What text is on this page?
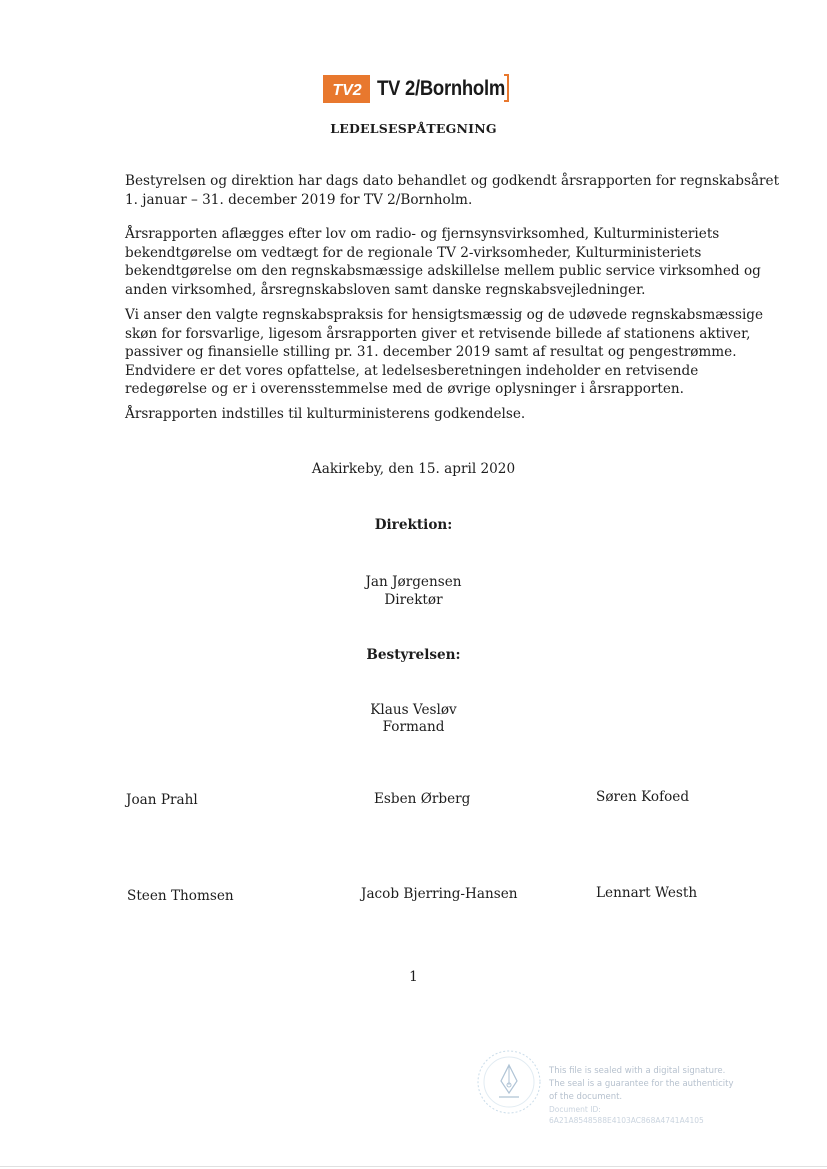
TV2 TV 2/Bornholm
LEDELSESPÅTEGNING
Bestyrelsen og direktion har dags dato behandlet og godkendt årsrapporten for regnskabsåret
1. januar – 31. december 2019 for TV 2/Bornholm.
Årsrapporten aflægges efter lov om radio- og fjernsynsvirksomhed, Kulturministeriets
bekendtgørelse om vedtægt for de regionale TV 2-virksomheder, Kulturministeriets
bekendtgørelse om den regnskabsmæssige adskillelse mellem public service virksomhed og
anden virksomhed, årsregnskabsloven samt danske regnskabsvejledninger.
Vi anser den valgte regnskabspraksis for hensigtsmæssig og de udøvede regnskabsmæssige
skøn for forsvarlige, ligesom årsrapporten giver et retvisende billede af stationens aktiver,
passiver og finansielle stilling pr. 31. december 2019 samt af resultat og pengestrømme.
Endvidere er det vores opfattelse, at ledelsesberetningen indeholder en retvisende
redegørelse og er i overensstemmelse med de øvrige oplysninger i årsrapporten.
Årsrapporten indstilles til kulturministerens godkendelse.
Aakirkeby, den 15. april 2020
Direktion:
Jan Jørgensen
Direktør
Bestyrelsen:
Klaus Vesløv
Formand
Joan Prahl	Esben Ørberg	Søren Kofoed
Steen Thomsen	Jacob Bjerring-Hansen	Lennart Westh
1
This file is sealed with a digital signature.
The seal is a guarantee for the authenticity
of the document.
Document ID:
6A21A8548588E4103AC868A4741A4105
